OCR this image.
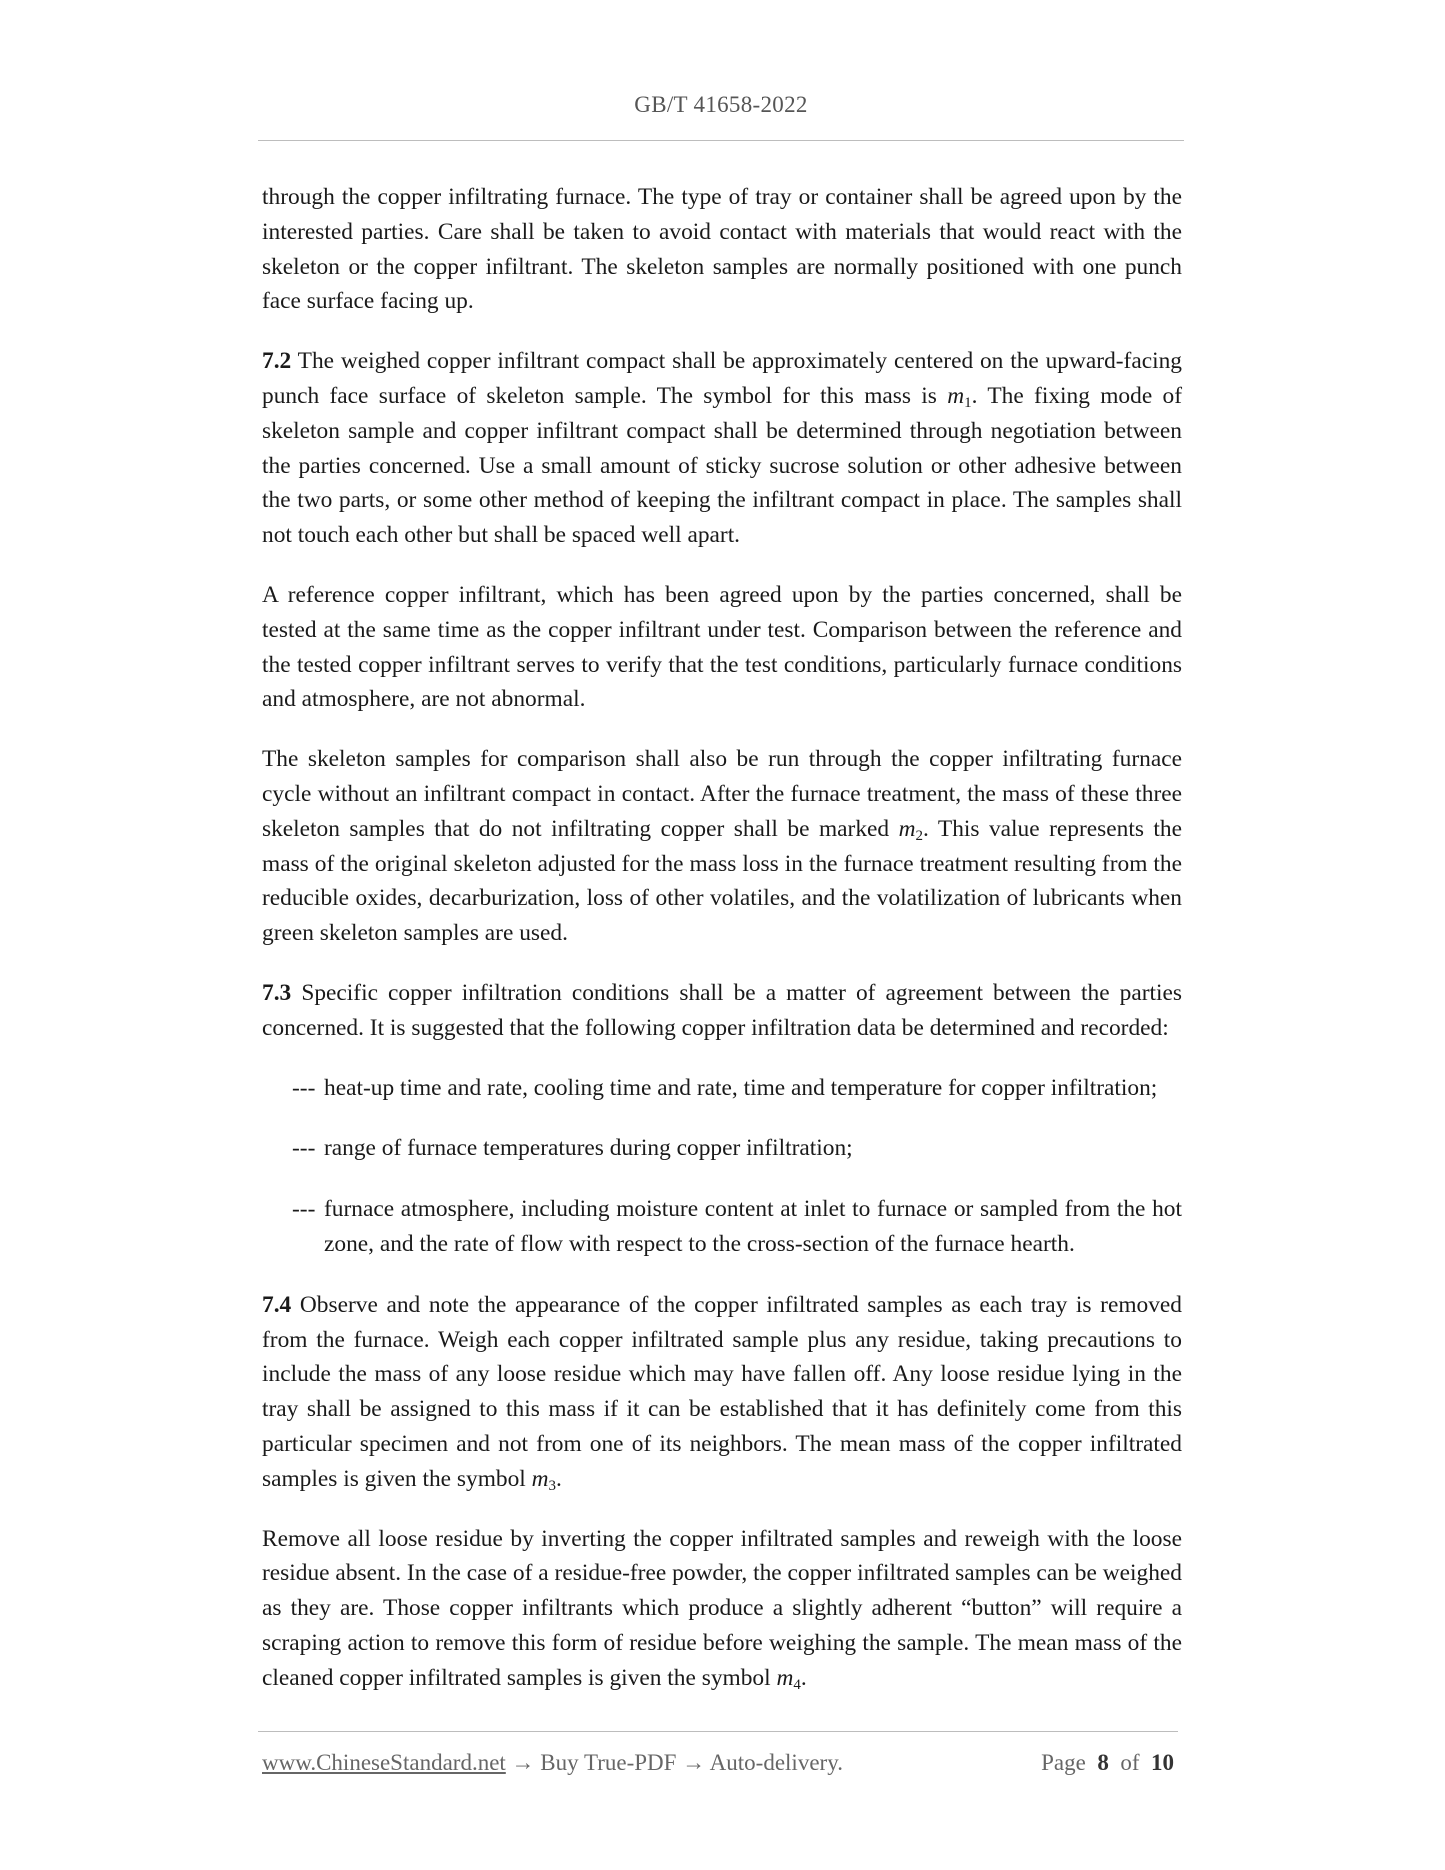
GB/T 41658-2022

through the copper infiltrating furnace. The type of tray or container shall be agreed upon by the interested parties. Care shall be taken to avoid contact with materials that would react with the skeleton or the copper infiltrant. The skeleton samples are normally positioned with one punch face surface facing up.

7.2 The weighed copper infiltrant compact shall be approximately centered on the upward-facing punch face surface of skeleton sample. The symbol for this mass is $m_1$. The fixing mode of skeleton sample and copper infiltrant compact shall be determined through negotiation between the parties concerned. Use a small amount of sticky sucrose solution or other adhesive between the two parts, or some other method of keeping the infiltrant compact in place. The samples shall not touch each other but shall be spaced well apart.

A reference copper infiltrant, which has been agreed upon by the parties concerned, shall be tested at the same time as the copper infiltrant under test. Comparison between the reference and the tested copper infiltrant serves to verify that the test conditions, particularly furnace conditions and atmosphere, are not abnormal.

The skeleton samples for comparison shall also be run through the copper infiltrating furnace cycle without an infiltrant compact in contact. After the furnace treatment, the mass of these three skeleton samples that do not infiltrating copper shall be marked $m_2$. This value represents the mass of the original skeleton adjusted for the mass loss in the furnace treatment resulting from the reducible oxides, decarburization, loss of other volatiles, and the volatilization of lubricants when green skeleton samples are used.

7.3 Specific copper infiltration conditions shall be a matter of agreement between the parties concerned. It is suggested that the following copper infiltration data be determined and recorded:

--- heat-up time and rate, cooling time and rate, time and temperature for copper infiltration;
--- range of furnace temperatures during copper infiltration;
--- furnace atmosphere, including moisture content at inlet to furnace or sampled from the hot zone, and the rate of flow with respect to the cross-section of the furnace hearth.

7.4 Observe and note the appearance of the copper infiltrated samples as each tray is removed from the furnace. Weigh each copper infiltrated sample plus any residue, taking precautions to include the mass of any loose residue which may have fallen off. Any loose residue lying in the tray shall be assigned to this mass if it can be established that it has definitely come from this particular specimen and not from one of its neighbors. The mean mass of the copper infiltrated samples is given the symbol $m_3$.

Remove all loose residue by inverting the copper infiltrated samples and reweigh with the loose residue absent. In the case of a residue-free powder, the copper infiltrated samples can be weighed as they are. Those copper infiltrants which produce a slightly adherent “button” will require a scraping action to remove this form of residue before weighing the sample. The mean mass of the cleaned copper infiltrated samples is given the symbol $m_4$.

www.ChineseStandard.net → Buy True-PDF → Auto-delivery.	Page 8 of 10
